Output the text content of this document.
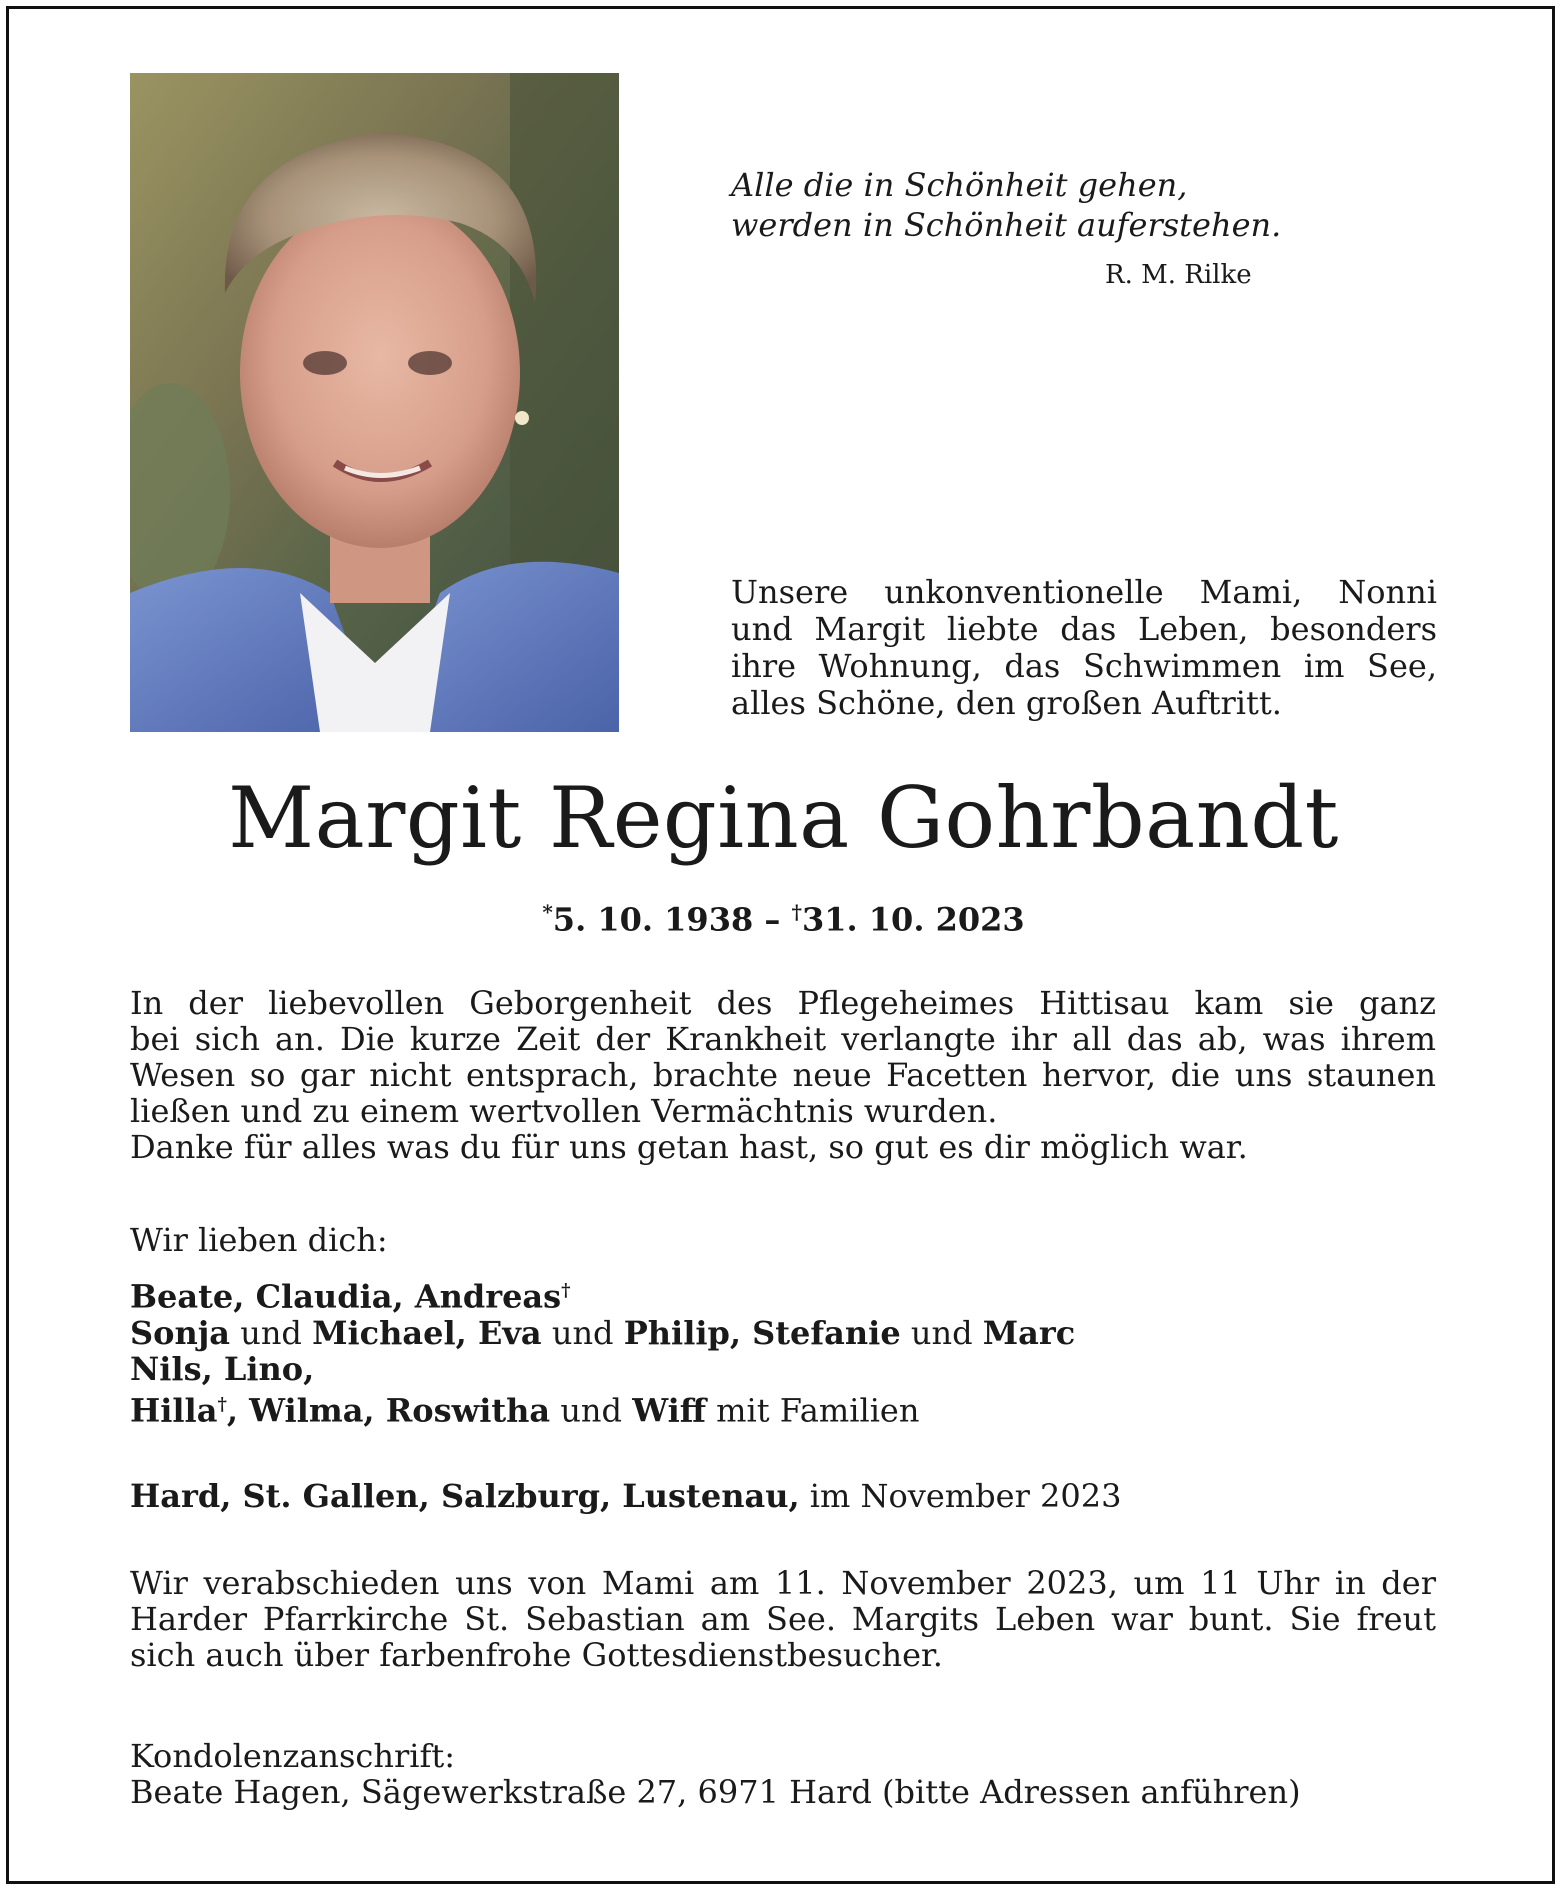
Alle die in Schönheit gehen,
werden in Schönheit auferstehen.
R. M. Rilke
Unsere unkonventionelle Mami, Nonni
und Margit liebte das Leben, besonders
ihre Wohnung, das Schwimmen im See,
alles Schöne, den großen Auftritt.
Margit Regina Gohrbandt
*5. 10. 1938 – †31. 10. 2023
In der liebevollen Geborgenheit des Pflegeheimes Hittisau kam sie ganz
bei sich an. Die kurze Zeit der Krankheit verlangte ihr all das ab, was ihrem
Wesen so gar nicht entsprach, brachte neue Facetten hervor, die uns staunen
ließen und zu einem wertvollen Vermächtnis wurden.
Danke für alles was du für uns getan hast, so gut es dir möglich war.
Wir lieben dich:
Beate, Claudia, Andreas†
Sonja und Michael, Eva und Philip, Stefanie und Marc
Nils, Lino,
Hilla†, Wilma, Roswitha und Wiff mit Familien
Hard, St. Gallen, Salzburg, Lustenau, im November 2023
Wir verabschieden uns von Mami am 11. November 2023, um 11 Uhr in der
Harder Pfarrkirche St. Sebastian am See. Margits Leben war bunt. Sie freut
sich auch über farbenfrohe Gottesdienstbesucher.
Kondolenzanschrift:
Beate Hagen, Sägewerkstraße 27, 6971 Hard (bitte Adressen anführen)
